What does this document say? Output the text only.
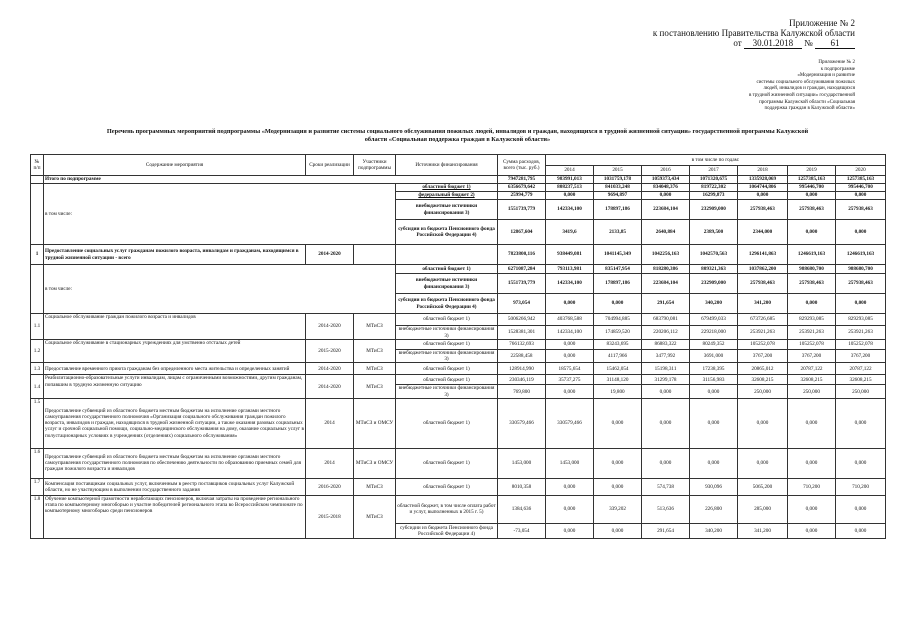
Приложение № 2
к постановлению Правительства Калужской области
от 30.01.2018 № 61
Приложение № 2
к подпрограмме
«Модернизация и развитие
системы социального обслуживания пожилых
людей, инвалидов и граждан, находящихся
в трудной жизненной ситуации» государственной
программы Калужской области «Социальная
поддержка граждан в Калужской области»
Перечень программных мероприятий подпрограммы «Модернизация и развитие системы социального обслуживания пожилых людей, инвалидов и граждан, находящихся в трудной жизненной ситуации» государственной программы Калужской
области «Социальная поддержка граждан в Калужской области»
№ п/п	Содержание мероприятия	Сроки реализации	Участники подпрограммы	Источники финансирования	Сумма расходов, всего (тыс. руб.)	в том числе по годам:						
						2014	2015	2016	2017	2018	2019	2020
	Итого по подпрограмме				7947281,795	983991,013	1031759,178	1059373,434	1071320,675	1335928,069	1257385,163	1257385,163
	в том числе:			областной бюджет 1)	6356679,642	808237,513	841033,248	834048,376	819722,302	1064744,806	995446,700	995446,700
				федеральный бюджет 2)	25994,779	0,000	9694,897	0,000	16299,873	0,000	0,000	0,000
				внебюджетные источники финансирования 3)	1551739,779	142334,100	178897,186	223684,104	232909,000	257938,463	257938,463	257938,463
				субсидии из бюджета Пенсионного фонда Российской Федерации 4)	12867,604	3419,6	2133,85	2640,884	2389,500	2344,000	0,000	0,000
1	Предоставление социальных услуг гражданам пожилого возраста, инвалидам и гражданам, находящимся в трудной жизненной ситуации - всего	2014-2020			7823800,116	938449,081	1041145,349	1042256,163	1042570,563	1296141,863	1246619,163	1246619,163
	в том числе:			областной бюджет 1)	6271087,284	793113,981	835147,954	818280,386	809321,363	1037862,200	988680,700	988680,700
				внебюджетные источники финансирования 3)	1551739,779	142334,100	178897,186	223684,104	232909,000	257938,463	257938,463	257938,463
				субсидии из бюджета Пенсионного фонда Российской Федерации 4)	973,054	0,000	0,000	291,654	340,200	341,200	0,000	0,000
1.1	Социальное обслуживание граждан пожилого возраста и инвалидов	2014-2020	МТиСЗ	областной бюджет 1)	5006266,942	403768,588	704994,885	683790,081	679499,033	673726,685	829293,085	829293,085
				внебюджетные источники финансирования 3)	1528381,301	142334,100	174859,520	220206,112	229218,000	253921,263	253921,263	253921,263
1.2	Социальное обслуживание в стационарных учреждениях для умственно отсталых детей	2015-2020	МТиСЗ	областной бюджет 1)	766132,693	0,000	83243,695	86883,322	80249,352	105252,078	105252,078	105252,078
				внебюджетные источники финансирования 3)	22588,458	0,000	4117,966	3477,992	3691,000	3767,200	3767,200	3767,200
1.3	Предоставление временного приюта гражданам без определенного места жительства и определенных занятий	2014-2020	МТиСЗ	областной бюджет 1)	128914,990	18575,654	15462,054	15198,311	17238,395	20865,012	20787,122	20787,122
1.4	Реабилитационно-образовательные услуги инвалидам, лицам с ограниченными возможностями, другим гражданам, попавшим в трудную жизненную ситуацию	2014-2020	МТиСЗ	областной бюджет 1)	230346,119	35737,275	31148,120	31299,178	31156,983	32608,215	32608,215	32608,215
				внебюджетные источники финансирования 3)	769,800	0,000	19,800	0,000	0,000	250,000	250,000	250,000
1.5	Предоставление субвенций из областного бюджета местным бюджетам на исполнение органами местного самоуправления государственного полномочия «Организация социального обслуживания граждан пожилого возраста, инвалидов и граждан, находящихся в трудной жизненной ситуации, а также оказания разовых социальных услуг и срочной социальной помощи, социально-медицинского обслуживания на дому, оказание социальных услуг в полустационарных условиях в учреждениях (отделениях) социального обслуживания»	2014	МТиСЗ и ОМСУ	областной бюджет 1)	330579,466	330579,466	0,000	0,000	0,000	0,000	0,000	0,000
1.6	Предоставление субвенций из областного бюджета местным бюджетам на исполнение органами местного самоуправления государственного полномочия по обеспечению деятельности по образованию приемных семей для граждан пожилого возраста и инвалидов	2014	МТиСЗ и ОМСУ	областной бюджет 1)	1453,000	1453,000	0,000	0,000	0,000	0,000	0,000	0,000
1.7	Компенсация поставщикам социальных услуг, включенным в реестр поставщиков социальных услуг Калужской области, но не участвующим в выполнении государственного задания	2016-2020	МТиСЗ	областной бюджет 1)	8010,358	0,000	0,000	574,738	930,096	5065,200	710,200	710,200
1.8	Обучение компьютерной грамотности неработающих пенсионеров, включая затраты на проведение регионального этапа по компьютерному многоборью и участие победителей регионального этапа во Всероссийском чемпионате по компьютерному многоборью среди пенсионеров	2015-2018	МТиСЗ	областной бюджет, в том числе оплата работ и услуг, выполненных в 2015 г. 5)	1384,636	0,000	339,202	513,636	226,800	285,000	0,000	0,000
				субсидии из бюджета Пенсионного фонда Российской Федерации 4)	-73,054	0,000	0,000	291,654	340,200	341,200	0,000	0,000
